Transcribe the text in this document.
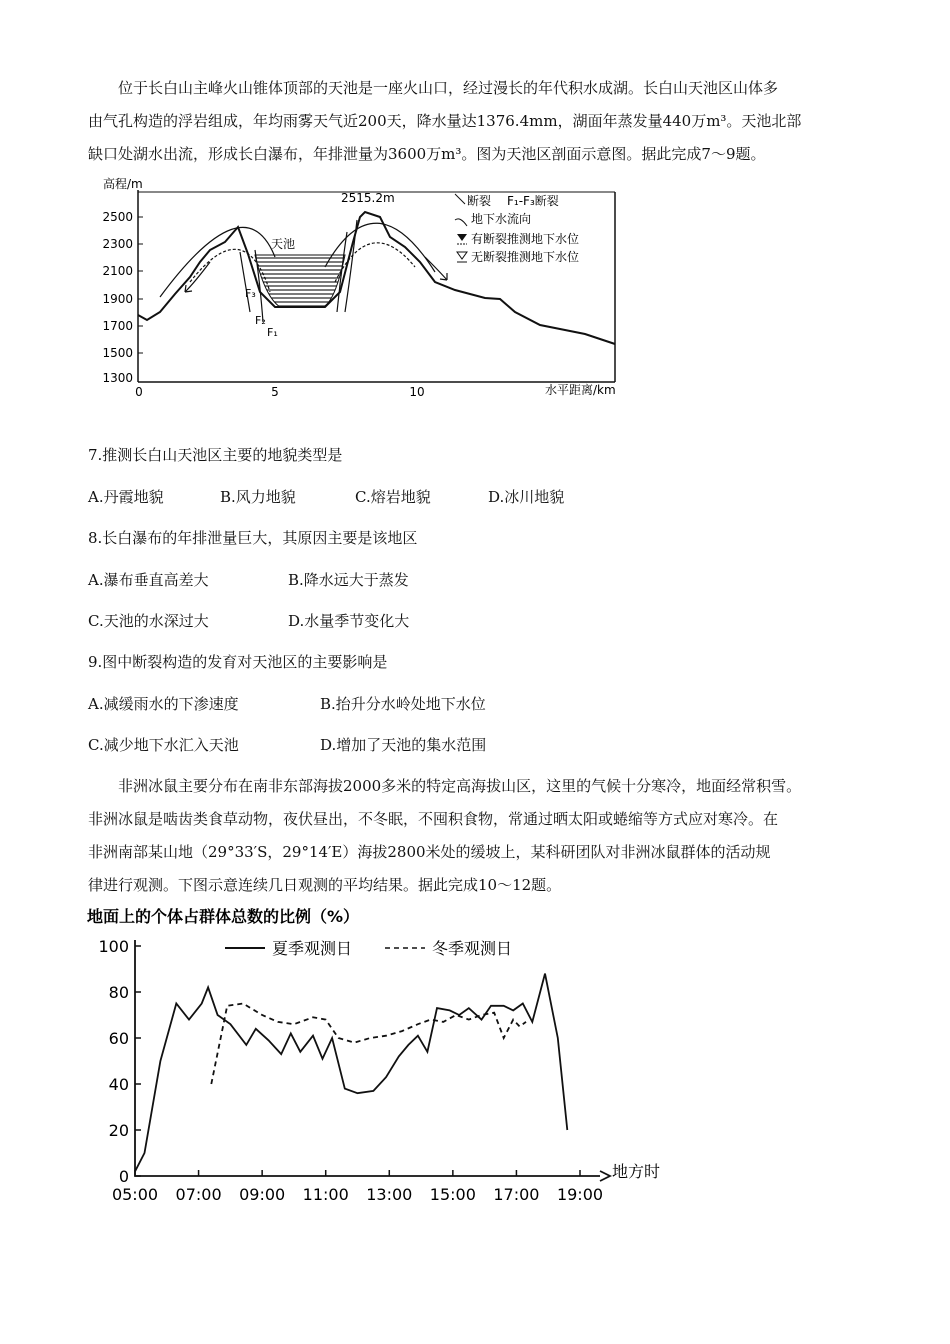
位于长白山主峰火山锥体顶部的天池是一座火山口，经过漫长的年代积水成湖。长白山天池区山体多
由气孔构造的浮岩组成，年均雨雾天气近200天，降水量达1376.4mm，湖面年蒸发量440万m³。天池北部
缺口处湖水出流，形成长白瀑布，年排泄量为3600万m³。图为天池区剖面示意图。据此完成7～9题。
高程/m
2500
2300
2100
1900
1700
1500
1300
0	5	10	水平距离/km
天池
F₃
F₂
F₁
2515.2m	断裂 F₁-F₃断裂
地下水流向
有断裂推测地下水位
无断裂推测地下水位
7.推测长白山天池区主要的地貌类型是
A.丹霞地貌	B.风力地貌	C.熔岩地貌	D.冰川地貌
8.长白瀑布的年排泄量巨大，其原因主要是该地区
A.瀑布垂直高差大	B.降水远大于蒸发
C.天池的水深过大	D.水量季节变化大
9.图中断裂构造的发育对天池区的主要影响是
A.减缓雨水的下渗速度	B.抬升分水岭处地下水位
C.减少地下水汇入天池	D.增加了天池的集水范围
非洲冰鼠主要分布在南非东部海拔2000多米的特定高海拔山区，这里的气候十分寒冷，地面经常积雪。
非洲冰鼠是啮齿类食草动物，夜伏昼出，不冬眠，不囤积食物，常通过晒太阳或蜷缩等方式应对寒冷。在
非洲南部某山地（29°33′S，29°14′E）海拔2800米处的缓坡上，某科研团队对非洲冰鼠群体的活动规
律进行观测。下图示意连续几日观测的平均结果。据此完成10～12题。
地面上的个体占群体总数的比例（%）
0
20
40
60
80
100
05:00 07:00 09:00 11:00 13:00 15:00 17:00 19:00
地方时
夏季观测日	冬季观测日
